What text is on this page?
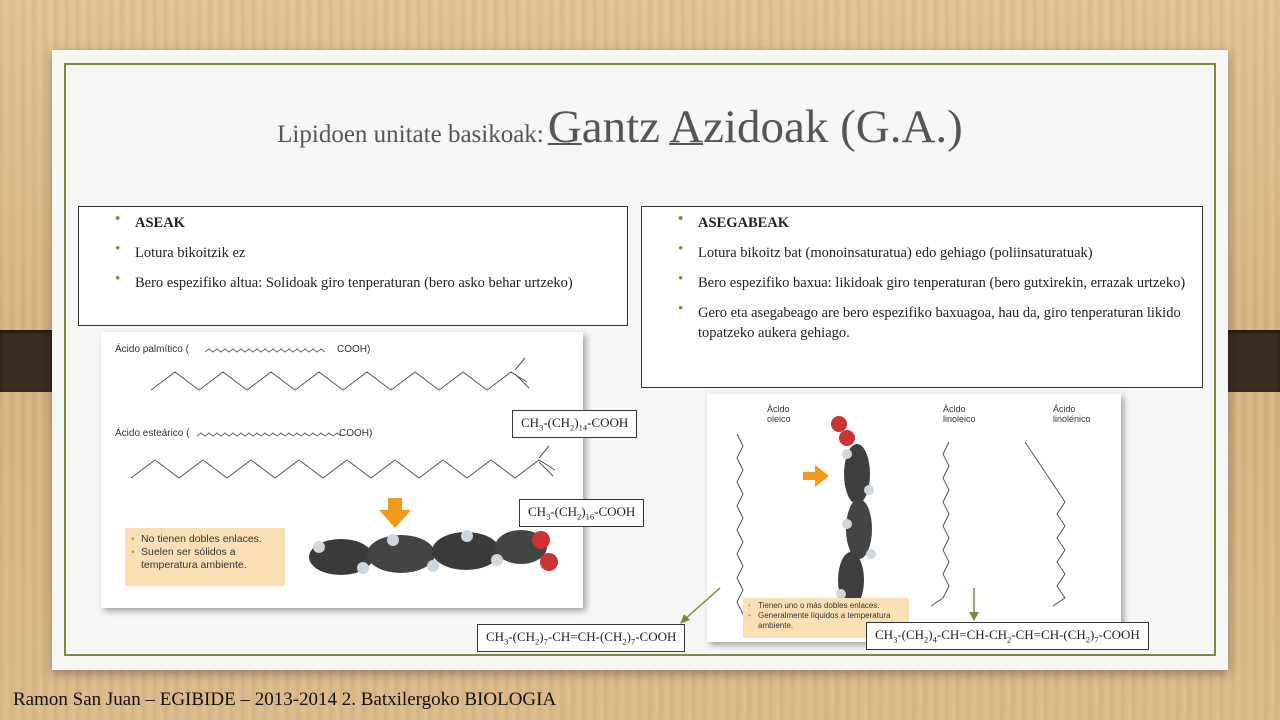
Lipidoen unitate basikoak: Gantz Azidoak (G.A.)
• ASEAK
• Lotura bikoitzik ez
• Bero espezifiko altua: Solidoak giro tenperaturan (bero asko behar urtzeko)
• ASEGABEAK
• Lotura bikoitz bat (monoinsaturatua) edo gehiago (poliinsaturatuak)
• Bero espezifiko baxua: likidoak giro tenperaturan (bero gutxirekin, errazak urtzeko)
• Gero eta asegabeago are bero espezifiko baxuagoa, hau da, giro tenperaturan likido topatzeko aukera gehiago.
Ácido palmítico (	COOH)
Ácido esteárico (	COOH)
• No tienen dobles enlaces.
• Suelen ser sólidos a temperatura ambiente.
Ácido oleico
Ácido linoleico
Ácido linolénico
• Tienen uno o más dobles enlaces.
• Generalmente líquidos a temperatura ambiente.
$CH_3-(CH_2)_{14}$-COOH
$CH_3-(CH_2)_{16}$-COOH
$CH_3-(CH_2)_7-CH=CH-(CH_2)_7$-COOH	$CH_3-(CH_2)_4-CH=CH-CH_2-CH=CH-(CH_2)_7$-COOH
Ramon San Juan – EGIBIDE – 2013-2014 2. Batxilergoko BIOLOGIA
